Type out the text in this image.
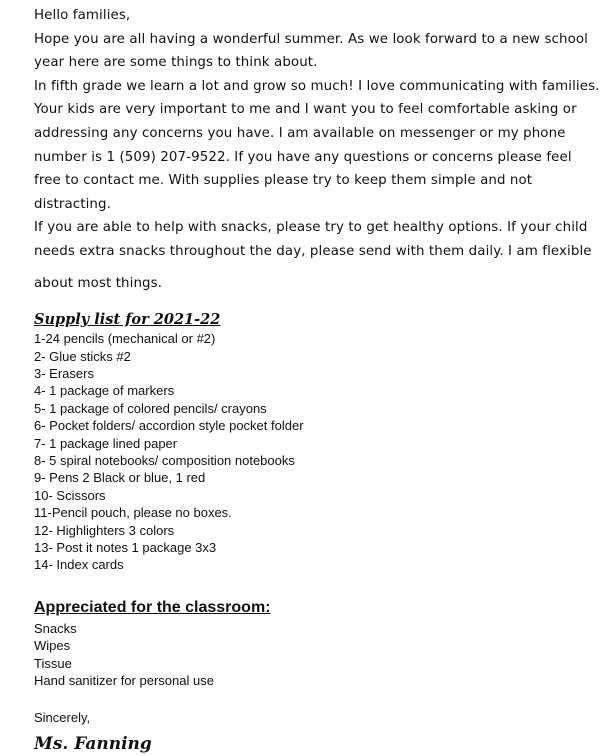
Hello families,

Hope you are all having a wonderful summer. As we look forward to a new school year here are some things to think about.

In fifth grade we learn a lot and grow so much! I love communicating with families. Your kids are very important to me and I want you to feel comfortable asking or addressing any concerns you have. I am available on messenger or my phone number is 1 (509) 207-9522. If you have any questions or concerns please feel free to contact me. With supplies please try to keep them simple and not distracting.

If you are able to help with snacks, please try to get healthy options. If your child needs extra snacks throughout the day, please send with them daily. I am flexible

about most things.

Supply list for 2021-22
1-24 pencils (mechanical or #2)
2- Glue sticks #2
3- Erasers
4- 1 package of markers
5- 1 package of colored pencils/ crayons
6- Pocket folders/ accordion style pocket folder
7- 1 package lined paper
8- 5 spiral notebooks/ composition notebooks
9- Pens 2 Black or blue, 1 red
10- Scissors
11-Pencil pouch, please no boxes.
12- Highlighters 3 colors
13- Post it notes 1 package 3x3
14- Index cards
Appreciated for the classroom:
Snacks
Wipes
Tissue
Hand sanitizer for personal use
Sincerely,
Ms. Fanning
